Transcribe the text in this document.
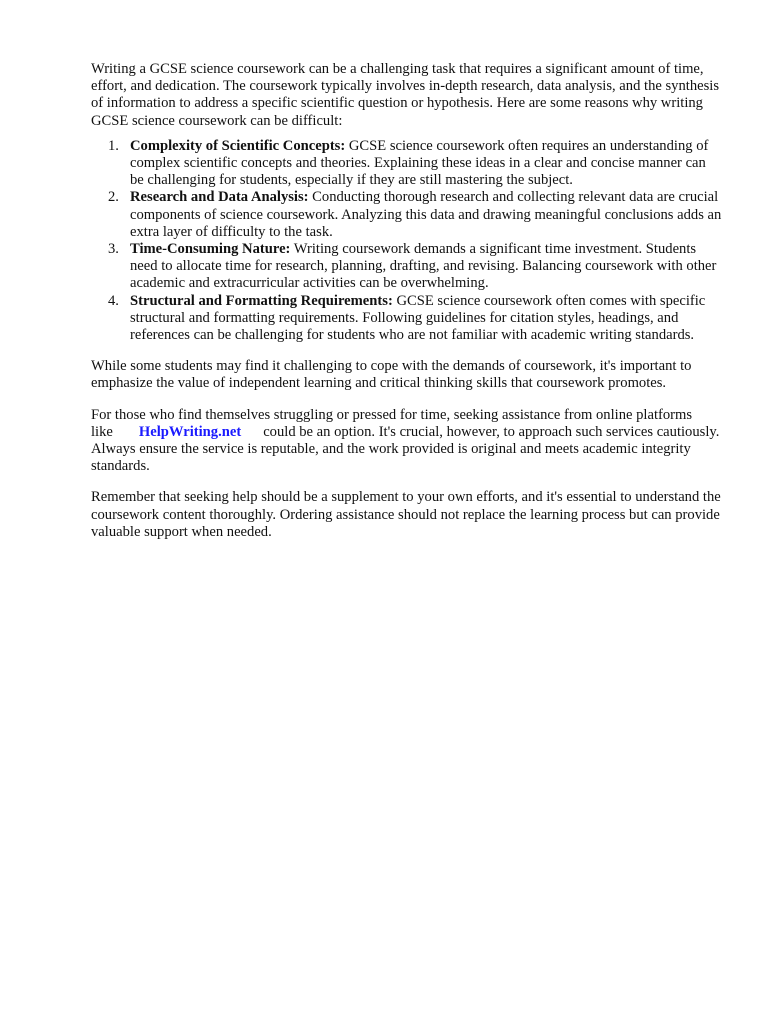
Writing a GCSE science coursework can be a challenging task that requires a significant amount of time, effort, and dedication. The coursework typically involves in-depth research, data analysis, and the synthesis of information to address a specific scientific question or hypothesis. Here are some reasons why writing GCSE science coursework can be difficult:

1. Complexity of Scientific Concepts: GCSE science coursework often requires an understanding of complex scientific concepts and theories. Explaining these ideas in a clear and concise manner can be challenging for students, especially if they are still mastering the subject.
2. Research and Data Analysis: Conducting thorough research and collecting relevant data are crucial components of science coursework. Analyzing this data and drawing meaningful conclusions adds an extra layer of difficulty to the task.
3. Time-Consuming Nature: Writing coursework demands a significant time investment. Students need to allocate time for research, planning, drafting, and revising. Balancing coursework with other academic and extracurricular activities can be overwhelming.
4. Structural and Formatting Requirements: GCSE science coursework often comes with specific structural and formatting requirements. Following guidelines for citation styles, headings, and references can be challenging for students who are not familiar with academic writing standards.

While some students may find it challenging to cope with the demands of coursework, it's important to emphasize the value of independent learning and critical thinking skills that coursework promotes.

For those who find themselves struggling or pressed for time, seeking assistance from online platforms like HelpWriting.net could be an option. It's crucial, however, to approach such services cautiously. Always ensure the service is reputable, and the work provided is original and meets academic integrity standards.

Remember that seeking help should be a supplement to your own efforts, and it's essential to understand the coursework content thoroughly. Ordering assistance should not replace the learning process but can provide valuable support when needed.
